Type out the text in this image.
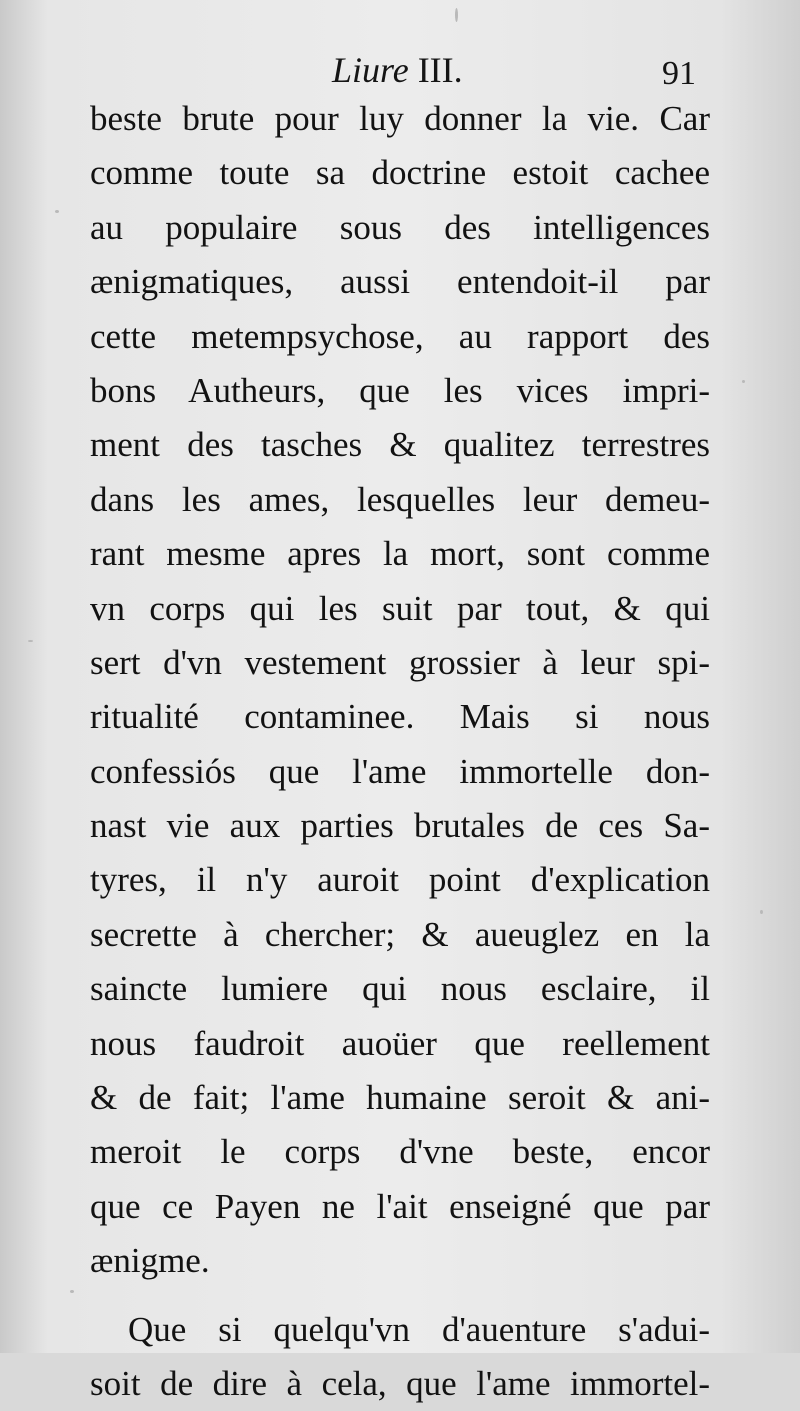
Liure III.	91
beste brute pour luy donner la vie. Car
comme toute sa doctrine estoit cachee
au populaire sous des intelligences
ænigmatiques, aussi entendoit-il par
cette metempsychose, au rapport des
bons Autheurs, que les vices impri-
ment des tasches & qualitez terrestres
dans les ames, lesquelles leur demeu-
rant mesme apres la mort, sont comme
vn corps qui les suit par tout, & qui
sert d'vn vestement grossier à leur spi-
ritualité contaminee. Mais si nous
confessiós que l'ame immortelle don-
nast vie aux parties brutales de ces Sa-
tyres, il n'y auroit point d'explication
secrette à chercher; & aueuglez en la
saincte lumiere qui nous esclaire, il
nous faudroit auoüer que reellement
& de fait; l'ame humaine seroit & ani-
meroit le corps d'vne beste, encor
que ce Payen ne l'ait enseigné que par
ænigme.
Que si quelqu'vn d'auenture s'adui-
soit de dire à cela, que l'ame immortel-
